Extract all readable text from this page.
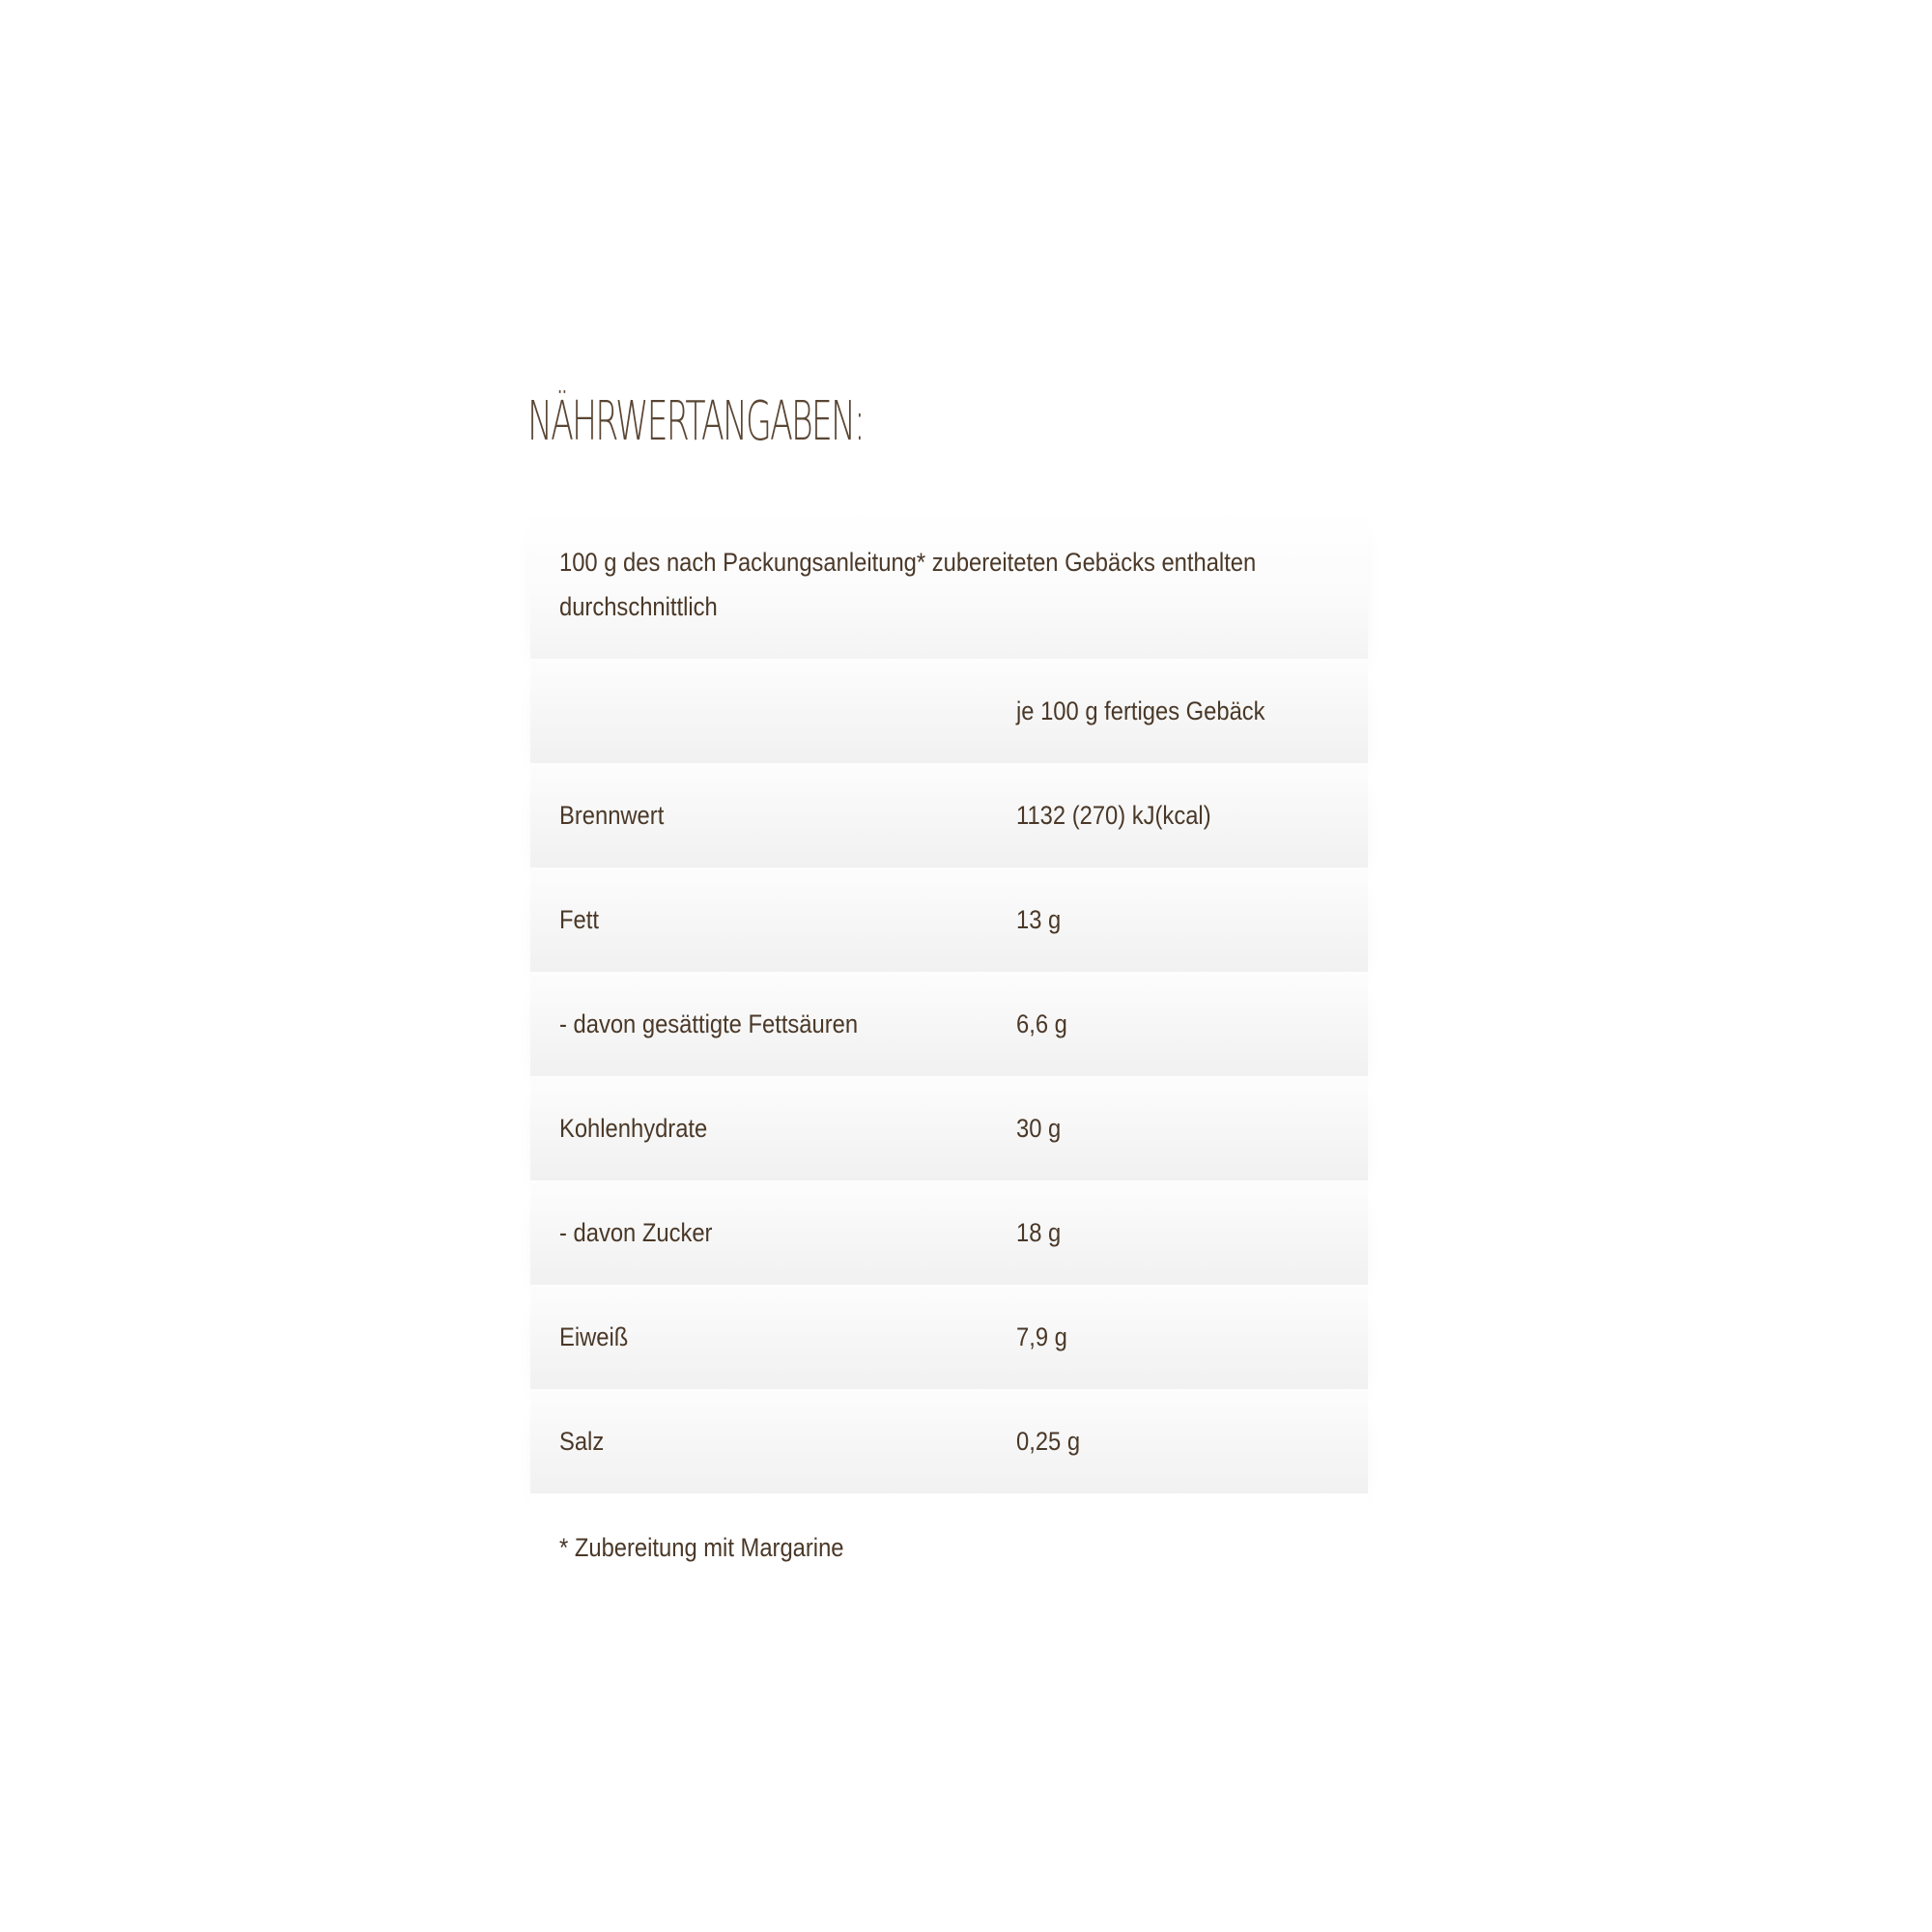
NÄHRWERTANGABEN:
100 g des nach Packungsanleitung* zubereiteten Gebäcks enthalten durchschnittlich
je 100 g fertiges Gebäck
Brennwert	1132 (270) kJ(kcal)
Fett	13 g
- davon gesättigte Fettsäuren	6,6 g
Kohlenhydrate	30 g
- davon Zucker	18 g
Eiweiß	7,9 g
Salz	0,25 g
* Zubereitung mit Margarine
